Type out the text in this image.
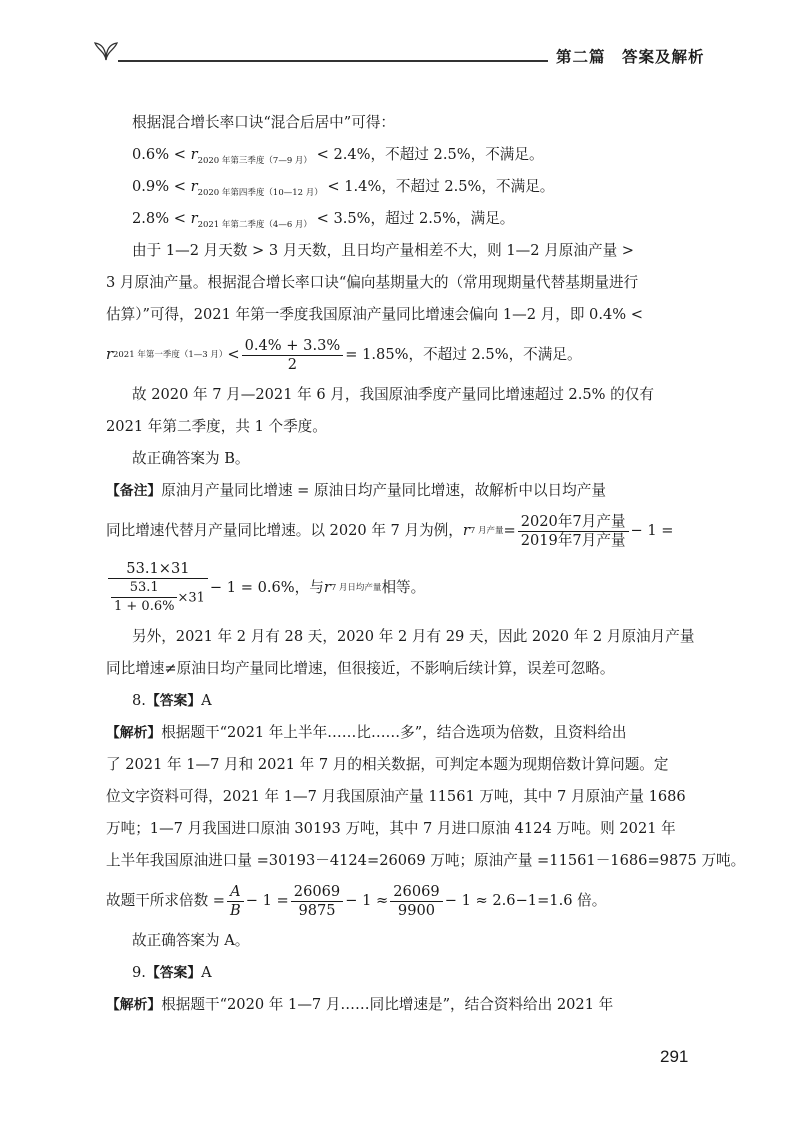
第二篇　答案及解析

根据混合增长率口诀“混合后居中”可得：

$0.6\% < r_{2020 年第三季度(7—9 月)} < 2.4\%$，不超过 2.5%，不满足。

$0.9\% < r_{2020 年第四季度(10—12 月)} < 1.4\%$，不超过 2.5%，不满足。

$2.8\% < r_{2021 年第二季度(4—6 月)} < 3.5\%$，超过 2.5%，满足。

由于 1—2 月天数 > 3 月天数，且日均产量相差不大，则 1—2 月原油产量 >

3 月原油产量。根据混合增长率口诀“偏向基期量大的（常用现期量代替基期量进行

估算）”可得，2021 年第一季度我国原油产量同比增速会偏向 1—2 月，即 0.4% <

r 2021 年第一季度（1—3 月） < $\frac{0.4\% + 3.3\%}{2} = 1.85\%$，不超过 2.5%，不满足。

故 2020 年 7 月—2021 年 6 月，我国原油季度产量同比增速超过 2.5% 的仅有

2021 年第二季度，共 1 个季度。

故正确答案为 B。

【备注】原油月产量同比增速 = 原油日均产量同比增速，故解析中以日均产量

同比增速代替月产量同比增速。以 2020 年 7 月为例， r 7 月产量 = $\frac{\text{2020年7月产量}}{\text{2019年7月产量}} - 1$ =
$\frac{53.1\times 31}{\frac{53.1}{1 + 0.6\%} \times 31} - 1 = 0.6\%$，与 r 7 月日均产量 相等。

另外，2021 年 2 月有 28 天，2020 年 2 月有 29 天，因此 2020 年 2 月原油月产量

同比增速≠原油日均产量同比增速，但很接近，不影响后续计算，误差可忽略。

8.【答案】A

【解析】根据题干“2021 年上半年……比……多”，结合选项为倍数，且资料给出

了 2021 年 1—7 月和 2021 年 7 月的相关数据，可判定本题为现期倍数计算问题。定

位文字资料可得，2021 年 1—7 月我国原油产量 11561 万吨，其中 7 月原油产量 1686

万吨；1—7 月我国进口原油 30193 万吨，其中 7 月进口原油 4124 万吨。则 2021 年

上半年我国原油进口量 =30193－4124=26069 万吨；原油产量 =11561－1686=9875 万吨。

故题干所求倍数 = $\frac{A}{B} - 1 = \frac{26069}{9875} - 1 \approx \frac{26069}{9900} - 1 \approx 2.6-1=1.6$ 倍。

故正确答案为 A。

9.【答案】A

【解析】根据题干“2020 年 1—7 月……同比增速是”，结合资料给出 2021 年

291
